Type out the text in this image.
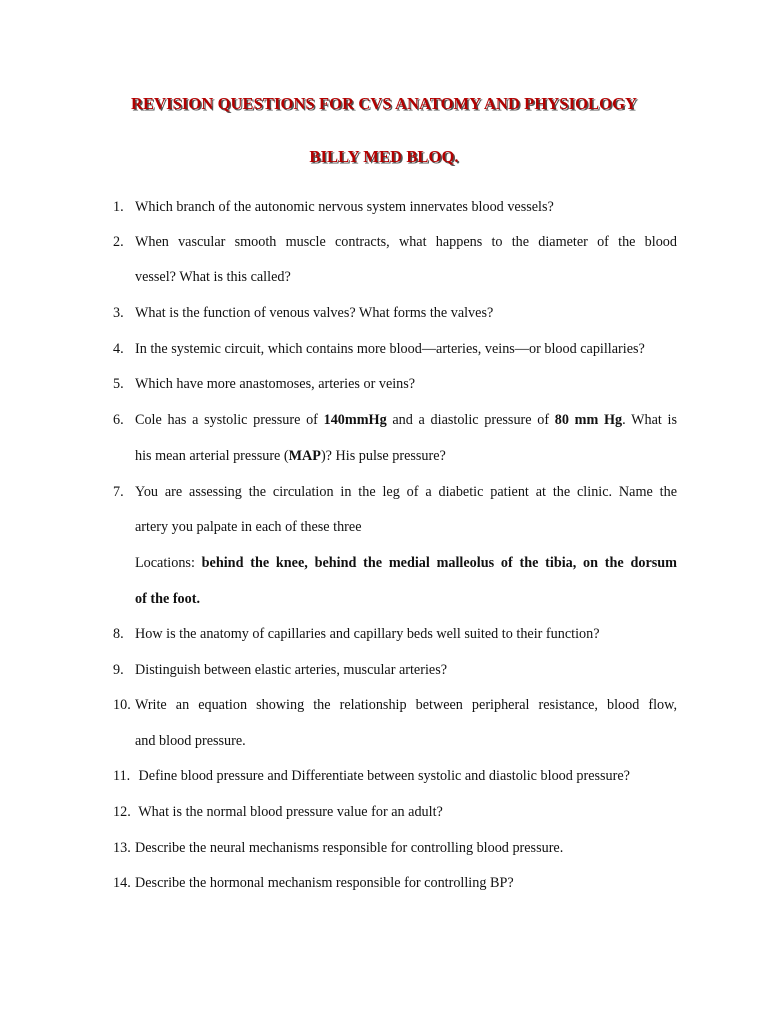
REVISION QUESTIONS FOR CVS ANATOMY AND PHYSIOLOGY
BILLY MED BLOQ.
1. Which branch of the autonomic nervous system innervates blood vessels?
2. When vascular smooth muscle contracts, what happens to the diameter of the blood
vessel? What is this called?
3. What is the function of venous valves? What forms the valves?
4. In the systemic circuit, which contains more blood—arteries, veins—or blood capillaries?
5. Which have more anastomoses, arteries or veins?
6. Cole has a systolic pressure of 140mmHg and a diastolic pressure of 80 mm Hg. What is
his mean arterial pressure (MAP)? His pulse pressure?
7. You are assessing the circulation in the leg of a diabetic patient at the clinic. Name the
artery you palpate in each of these three
Locations: behind the knee, behind the medial malleolus of the tibia, on the dorsum
of the foot.
8. How is the anatomy of capillaries and capillary beds well suited to their function?
9. Distinguish between elastic arteries, muscular arteries?
10. Write an equation showing the relationship between peripheral resistance, blood flow,
and blood pressure.
11. Define blood pressure and Differentiate between systolic and diastolic blood pressure?
12. What is the normal blood pressure value for an adult?
13. Describe the neural mechanisms responsible for controlling blood pressure.
14. Describe the hormonal mechanism responsible for controlling BP?
